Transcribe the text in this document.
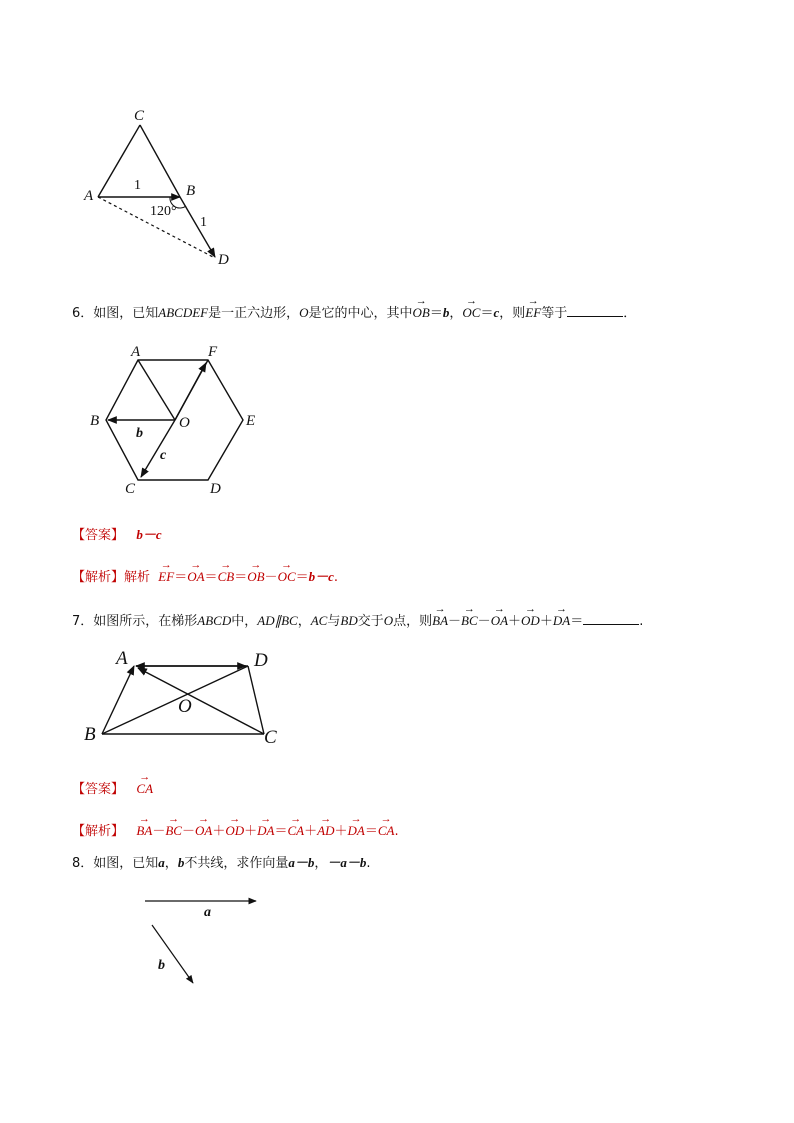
C
A	B
D
1
1
120°
6．如图，已知ABCDEF是一正六边形，O是它的中心，其中→ OB＝b，→ OC＝c，则→ EF等于	．
A	F
B	O	E
C	D
b
c
【答案】 b－c
【解析】解析 → EF＝→ OA＝→ CB＝→ OB－→ OC＝b－c.
7．如图所示，在梯形ABCD中，AD∥BC，AC与BD交于O点，则→ BA－→ BC－→ OA＋→ OD＋→ DA＝	.
A	D
O
B	C
【答案】 → CA
【解析】 → BA－→ BC－→ OA＋→ OD＋→ DA＝→ CA＋→ AD＋→ DA＝→ CA.
8．如图，已知a，b不共线，求作向量a－b，－a－b.
a
b
